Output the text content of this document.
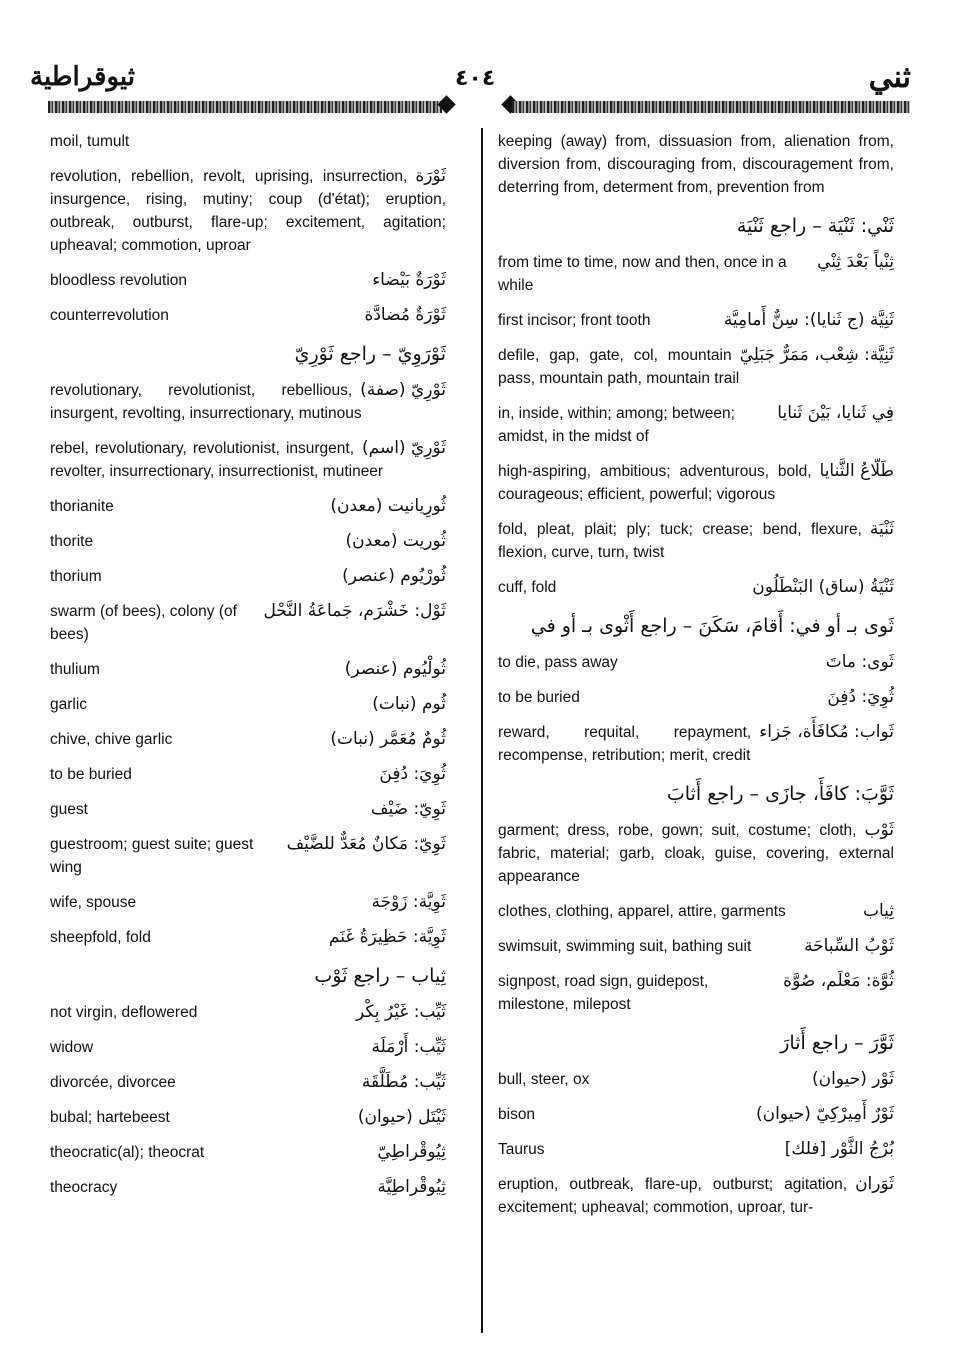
ثيوقراطية	٤٠٤	ثني
moil, tumult
ثَوْرَة
revolution, rebellion, revolt, uprising, insurrection, insurgence, rising, mutiny; coup (d'état); eruption, outbreak, outburst, flare-up; excitement, agitation; upheaval; commotion, uproar
ثَوْرَةٌ بَيْضاء
bloodless revolution
ثَوْرَةٌ مُضادَّة
counterrevolution
ثَوْرَوِيّ – راجع ثَوْرِيّ
ثَوْرِيّ (صفة)
revolutionary, revolutionist, rebellious, insurgent, revolting, insurrectionary, mutinous
ثَوْرِيّ (اسم)
rebel, revolutionary, revolutionist, insurgent, revolter, insurrectionary, insurrectionist, mutineer
ثُورِيانيت (معدن)
thorianite
ثُوريت (معدن)
thorite
ثُورْيُوم (عنصر)
thorium
ثَوْل: خَشْرَم، جَماعَةُ النَّحْل
swarm (of bees), colony (of bees)
ثُولْيُوم (عنصر)
thulium
ثُوم (نبات)
garlic
ثُومٌ مُعَمَّر (نبات)
chive, chive garlic
ثُوِيَ: دُفِنَ
to be buried
ثَوِيّ: ضَيْف
guest
ثَوِيّ: مَكانٌ مُعَدٌّ للضَّيْف
guestroom; guest suite; guest wing
ثَوِيَّة: زَوْجَة
wife, spouse
ثَوِيَّة: حَظِيرَةُ غَنَم
sheepfold, fold
ثِياب – راجع ثَوْب
ثَيِّب: غَيْرُ بِكْر
not virgin, deflowered
ثَيِّب: أَرْمَلَة
widow
ثَيِّب: مُطَلَّقَة
divorcée, divorcee
ثَيْتَل (حيوان)
bubal; hartebeest
ثِيُوقْراطِيّ
theocratic(al); theocrat
ثِيُوقْراطِيَّة
theocracy
keeping (away) from, dissuasion from, alienation from, diversion from, discouraging from, discouragement from, deterring from, determent from, prevention from
ثَنْي: ثَنْيَة – راجع ثَنْيَة
ثِنْياً بَعْدَ ثِنْي
from time to time, now and then, once in a while
ثَنِيَّة (ج ثَنايا): سِنٌّ أَمامِيَّة
first incisor; front tooth
ثَنِيَّة: شِعْب، مَمَرٌّ جَبَلِيّ
defile, gap, gate, col, mountain pass, mountain path, mountain trail
فِي ثَنايا، بَيْنَ ثَنايا
in, inside, within; among; between; amidst, in the midst of
طَلّاعُ الثَّنايا
high-aspiring, ambitious; adventurous, bold, courageous; efficient, powerful; vigorous
ثَنْيَة
fold, pleat, plait; ply; tuck; crease; bend, flexure, flexion, curve, turn, twist
ثَنْيَةُ (ساق) البَنْطَلُون
cuff, fold
ثَوى بـ أو في: أَقامَ، سَكَنَ – راجع أَثْوى بـ أو في
ثَوى: ماتَ
to die, pass away
ثُوِيَ: دُفِنَ
to be buried
ثَواب: مُكافَأَة، جَزاء
reward, requital, repayment, recompense, retribution; merit, credit
ثَوَّبَ: كافَأَ، جازَى – راجع أَثابَ
ثَوْب
garment; dress, robe, gown; suit, costume; cloth, fabric, material; garb, cloak, guise, covering, external appearance
ثِياب
clothes, clothing, apparel, attire, garments
ثَوْبُ السِّباحَة
swimsuit, swimming suit, bathing suit
ثُوَّة: مَعْلَم، صُوَّة
signpost, road sign, guidepost, milestone, milepost
ثَوَّرَ – راجع أَثارَ
ثَوْر (حيوان)
bull, steer, ox
ثَوْرٌ أَمِيرْكِيّ (حيوان)
bison
بُرْجُ الثَّوْر [فلك]
Taurus
ثَوَران
eruption, outbreak, flare-up, outburst; agitation, excitement; upheaval; commotion, uproar, tur-
